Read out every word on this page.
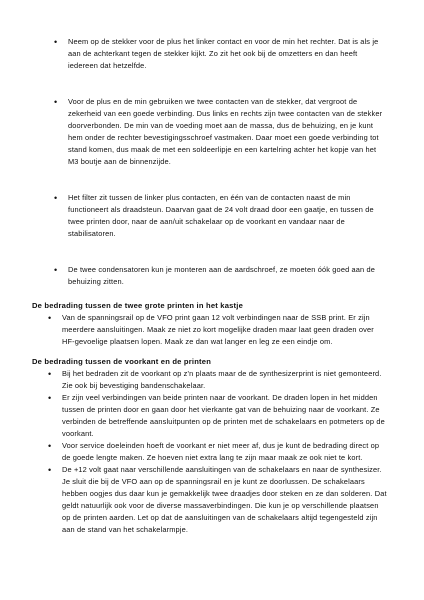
• Neem op de stekker voor de plus het linker contact en voor de min het rechter. Dat is als je aan de achterkant tegen de stekker kijkt. Zo zit het ook bij de omzetters en dan heeft iedereen dat hetzelfde.

• Voor de plus en de min gebruiken we twee contacten van de stekker, dat vergroot de zekerheid van een goede verbinding. Dus links en rechts zijn twee contacten van de stekker doorverbonden. De min van de voeding moet aan de massa, dus de behuizing, en je kunt hem onder de rechter bevestigingsschroef vastmaken. Daar moet een goede verbinding tot stand komen, dus maak de met een soldeerlipje en een kartelring achter het kopje van het M3 boutje aan de binnenzijde.

• Het filter zit tussen de linker plus contacten, en één van de contacten naast de min functioneert als draadsteun. Daarvan gaat de 24 volt draad door een gaatje, en tussen de twee printen door, naar de aan/uit schakelaar op de voorkant en vandaar naar de stabilisatoren.

• De twee condensatoren kun je monteren aan de aardschroef, ze moeten óók goed aan de behuizing zitten.

De bedrading tussen de twee grote printen in het kastje

• Van de spanningsrail op de VFO print gaan 12 volt verbindingen naar de SSB print. Er zijn meerdere aansluitingen. Maak ze niet zo kort mogelijke draden maar laat geen draden over HF-gevoelige plaatsen lopen. Maak ze dan wat langer en leg ze een eindje om.

De bedrading tussen de voorkant en de printen

• Bij het bedraden zit de voorkant op z'n plaats maar de de synthesizerprint is niet gemonteerd. Zie ook bij bevestiging bandenschakelaar.

• Er zijn veel verbindingen van beide printen naar de voorkant. De draden lopen in het midden tussen de printen door en gaan door het vierkante gat van de behuizing naar de voorkant. Ze verbinden de betreffende aansluitpunten op de printen met de schakelaars en potmeters op de voorkant.

• Voor service doeleinden hoeft de voorkant er niet meer af, dus je kunt de bedrading direct op de goede lengte maken. Ze hoeven niet extra lang te zijn maar maak ze ook niet te kort.

• De +12 volt gaat naar verschillende aansluitingen van de schakelaars en naar de synthesizer. Je sluit die bij de VFO aan op de spanningsrail en je kunt ze doorlussen. De schakelaars hebben oogjes dus daar kun je gemakkelijk twee draadjes door steken en ze dan solderen. Dat geldt natuurlijk ook voor de diverse massaverbindingen. Die kun je op verschillende plaatsen op de printen aarden. Let op dat de aansluitingen van de schakelaars altijd tegengesteld zijn aan de stand van het schakelarmpje.
